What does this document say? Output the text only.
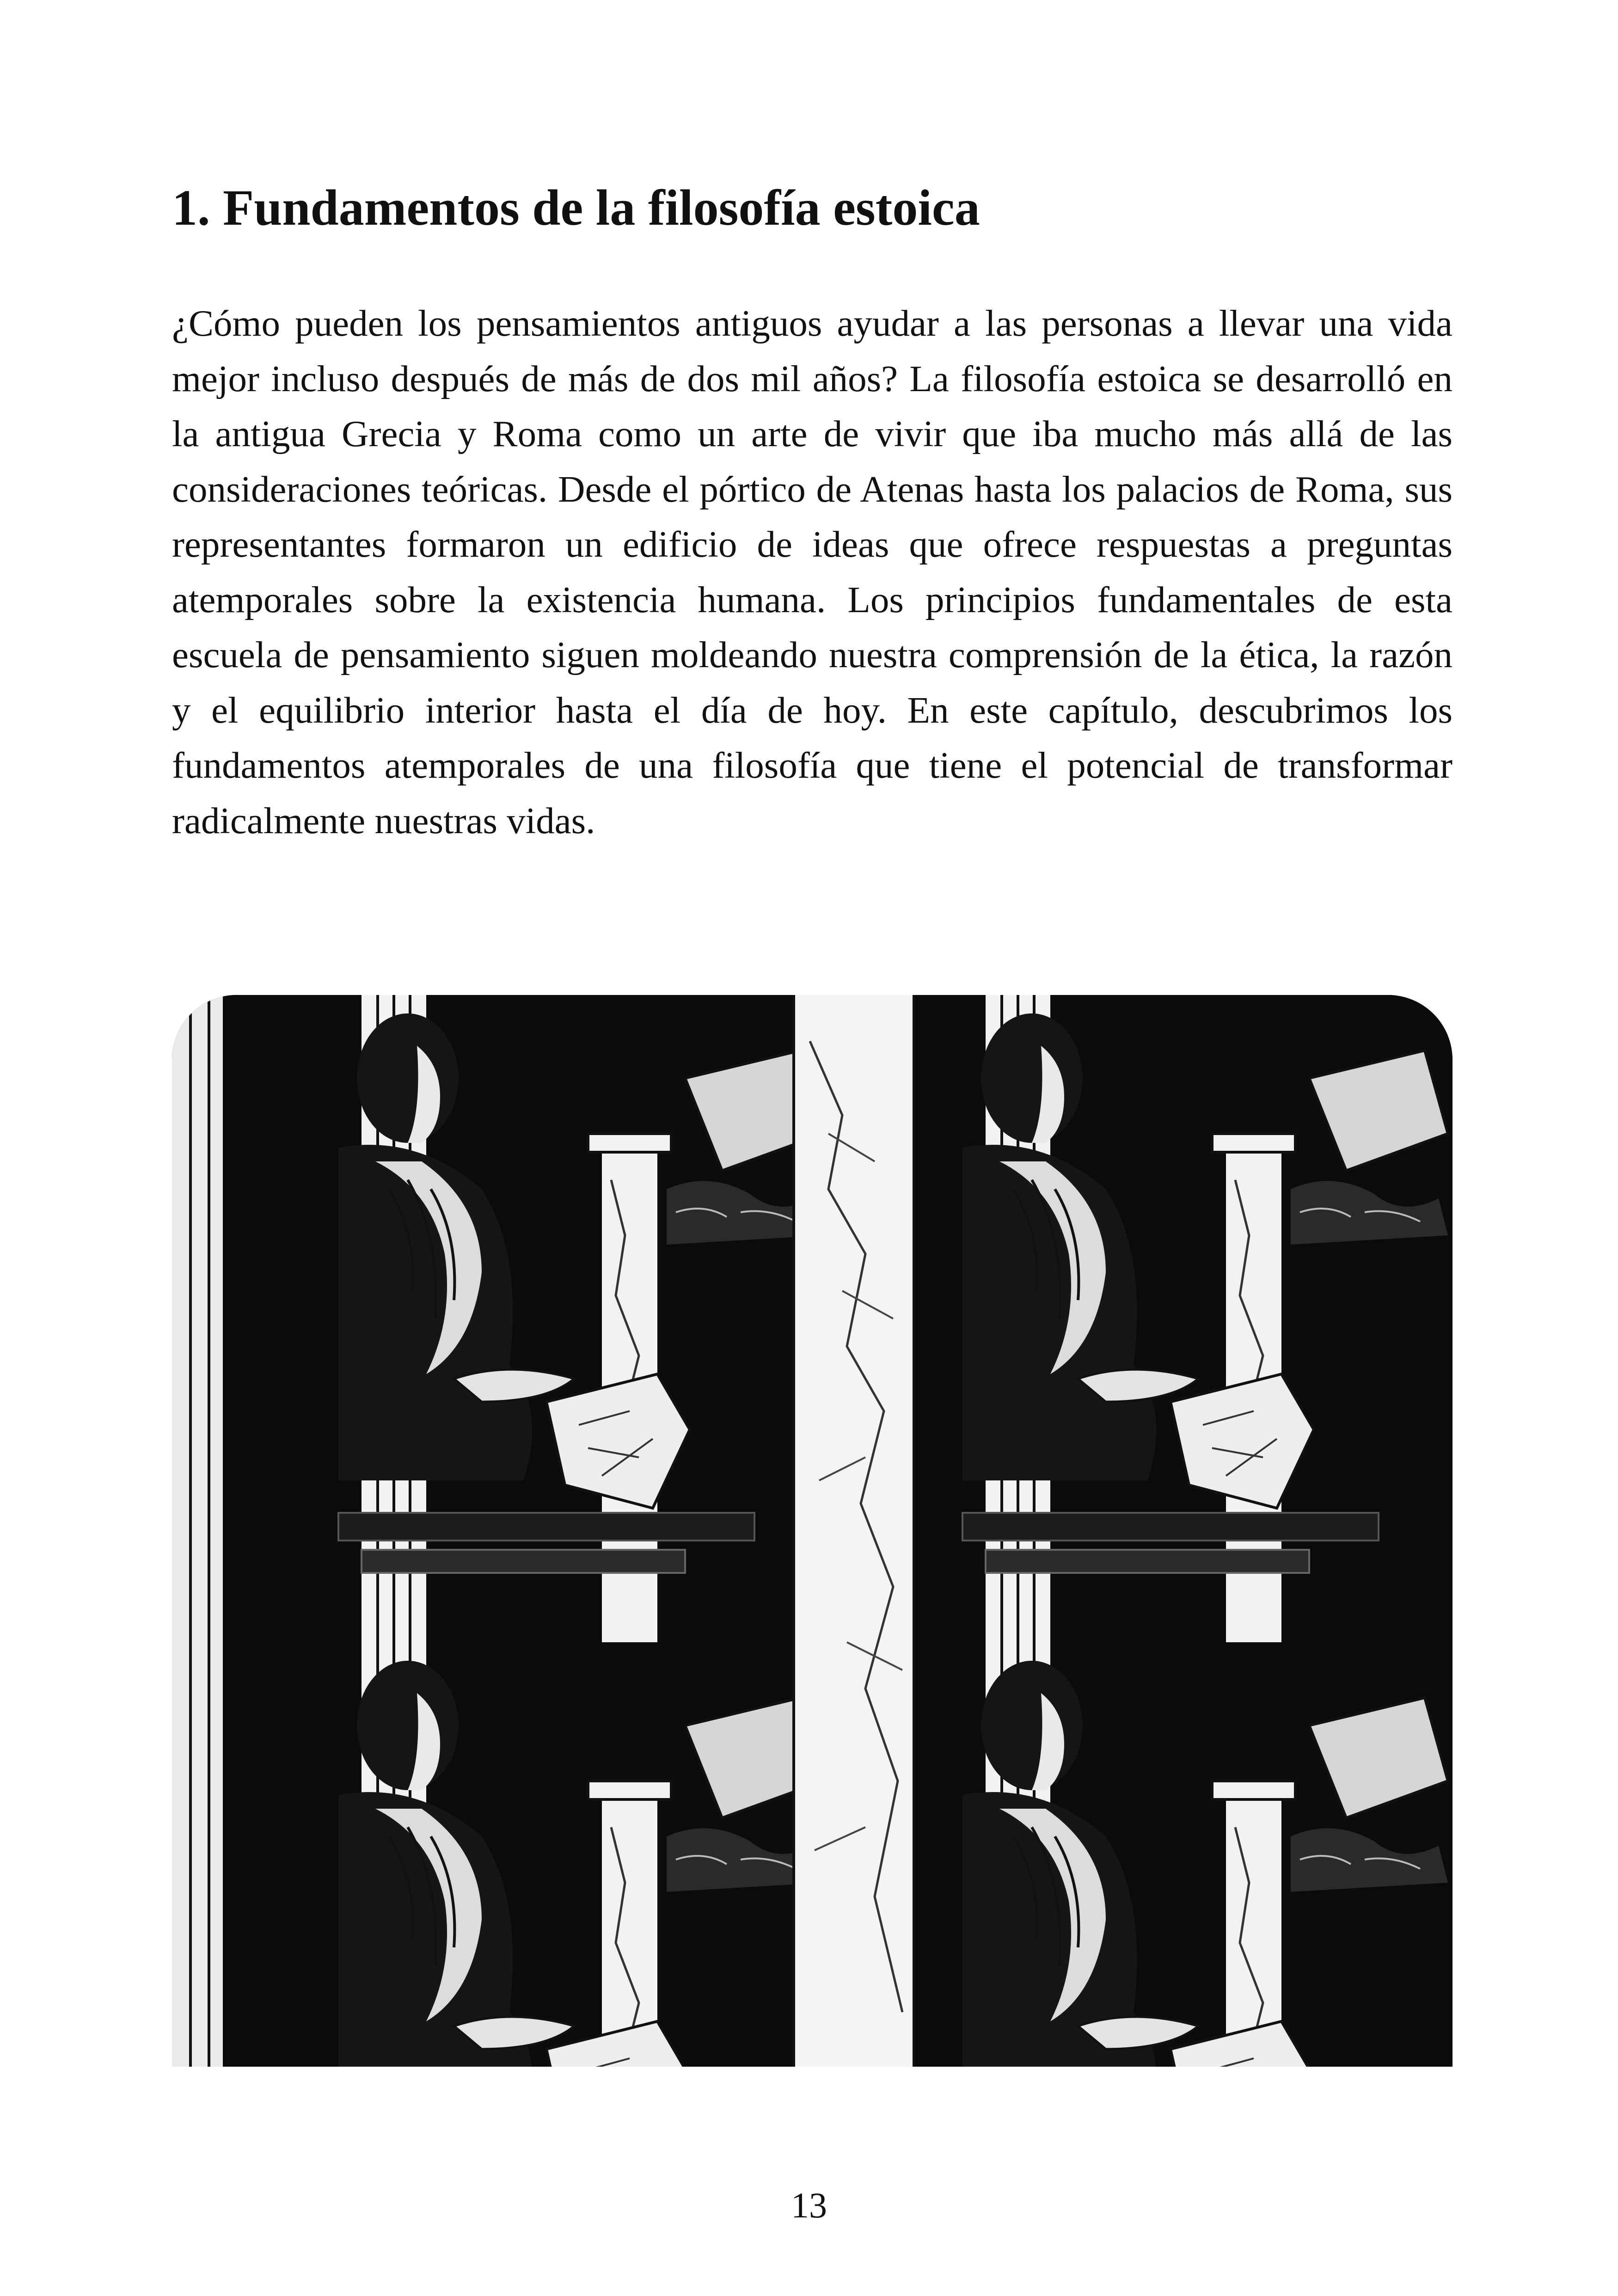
1. Fundamentos de la filosofía estoica

¿Cómo pueden los pensamientos antiguos ayudar a las personas a llevar una vida mejor incluso después de más de dos mil años? La filosofía estoica se desarrolló en la antigua Grecia y Roma como un arte de vivir que iba mucho más allá de las consideraciones teóricas. Desde el pórtico de Atenas hasta los palacios de Roma, sus representantes formaron un edificio de ideas que ofrece respuestas a preguntas atemporales sobre la existencia humana. Los principios fundamentales de esta escuela de pensamiento siguen moldeando nuestra comprensión de la ética, la razón y el equilibrio interior hasta el día de hoy. En este capítulo, descubrimos los fundamentos atemporales de una filosofía que tiene el potencial de transformar radicalmente nuestras vidas.

13
